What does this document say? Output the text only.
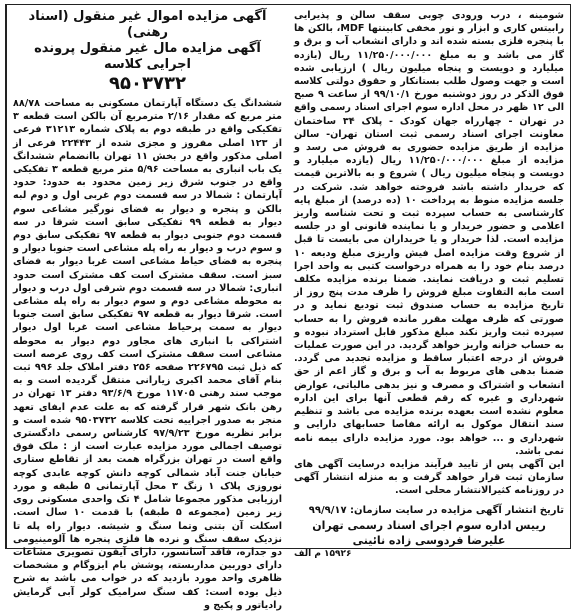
آگهی مزایده اموال غیر منقول (اسناد رهنی)

آگهی مزایده مال غیر منقول پرونده اجرایی کلاسه

۹۵۰۳۷۳۲

ششدانگ یک دستگاه آپارتمان مسکونی به مساحت ۸۸/۷۸ متر مربع که مقدار ۲/۱۶ مترمربع آن بالکن است قطعه ۳ تفکیکی واقع در طبقه دوم به پلاک شماره ۳۱۲۱۳ فرعی از ۱۲۳ اصلی مفروز و مجزی شده از ۲۲۴۴۳ فرعی از اصلی مذکور واقع در بخش ۱۱ تهران باانضمام ششدانگ یک باب انباری به مساحت ۵/۹۶ متر مربع قطعه ۳ تفکیکی واقع در جنوب شرق زیر زمین محدود به حدود: حدود آپارتمان : شمالا در سه قسمت دوم غربی اول و دوم لبه بالکن و پنجره و دیوار به فضای نورگیر مشاعی سوم دیوار به قطعه ۹۹ تفکیکی سابق است شرقا در سه قسمت دوم جنوبی دیوار به قطعه ۹۷ تفکیکی سابق دوم و سوم درب و دیوار به راه پله مشاعی است جنوبا دیوار و پنجره به فضای حیاط مشاعی است غربا دیوار به فضای سبز است. سقف مشترک است کف مشترک است حدود انباری: شمالا در سه قسمت دوم شرقی اول درب و دیوار به محوطه مشاعی دوم و سوم دیوار به راه پله مشاعی است. شرقا دیوار به قطعه ۹۷ تفکیکی سابق است جنوبا دیوار به سمت پرحیاط مشاعی است غربا اول دیوار اشتراکی با انباری های مجاور دوم دیوار به محوطه مشاعی است سقف مشترک است کف روی عرصه است که ذیل ثبت ۲۲۶۷۹۵ صفحه ۲۵۶ دفتر املاک جلد ۹۹۶ ثبت بنام آقای محمد اکبری زیارانی منتقل گردیده است و به موجب سند رهنی ۱۱۷۰۵ مورخ ۹۳/۶/۹ دفتر ۱۳ تهران در رهن بانک شهر قرار گرفته که به علت عدم ایفای تعهد منجر به صدور اجراییه تحت کلاسه ۹۵۰۳۷۳۲ شده است و برابر نظریه مورخ ۹۷/۹/۲۳ کارشناس رسمی دادگستری توصیف اجمالی مورد مزایده عبارت است از : ملک فوق واقع است در تهران بزرگراه همت بعد از تقاطع ستاری خیابان جنت آباد شمالی کوچه دانش کوچه عابدی کوچه نوروزی پلاک ۱ زنگ ۳ محل آپارتمانی ۵ طبقه و مورد ارزیابی مذکور مجموعا شامل ۴ تک واحدی مسکونی روی زیر زمین (مجموعه ۵ طبقه) با قدمت ۱۰ سال است. اسکلت آن بتنی وتما سنگ و شیشه. دیوار راه پله تا نزدیک سقف سنگ و نرده ها فلزی پنجره ها آلومینیومی دو جداره، فاقد آسانسور، دارای آیفون تصویری مشاعات دارای دوربین مداربسته، پوشش بام ایزوگام و مشخصات ظاهری واحد مورد بازدید که در خواب می باشد به شرح ذیل بوده است: کف سنگ سرامیک کولر آبی گرمایش رادیاتور و پکیج و

شومینه ، درب ورودی چوبی سقف سالن و پذیرایی رابیتس کاری و ابزار و نور مخفی کابینتها MDF، بالکن ها با پنجره فلزی بسته شده اند و دارای انشعاب آب و برق و گاز می باشد و به مبلغ ۱۱/۲۵۰/۰۰۰/۰۰۰ ریال (یازده میلیارد و دویست و پنجاه میلیون ریال ) ارزیابی شده است و جهت وصول طلب بستانکار و حقوق دولتی کلاسه فوق الذکر در روز دوشنبه مورخ ۹۹/۱۰/۱ از ساعت ۹ صبح الی ۱۲ ظهر در محل اداره سوم اجرای اسناد رسمی واقع در تهران - چهارراه جهان کودک - پلاک ۳۴ ساختمان معاونت اجرای اسناد رسمی ثبت استان تهران- سالن مزایده از طریق مزایده حضوری به فروش می رسد و مزایده از مبلغ ۱۱/۲۵۰/۰۰۰/۰۰۰ ریال (یازده میلیارد و دویست و پنجاه میلیون ریال ) شروع و به بالاترین قیمت که خریدار داشته باشد فروخته خواهد شد. شرکت در جلسه مزایده منوط به پرداخت ۱۰ (ده درصد) از مبلغ پایه کارشناسی به حساب سپرده ثبت و تحت شناسه واریز اعلامی و حضور خریدار و یا نماینده قانونی او در جلسه مزایده است. لذا خریدار و یا خریداران می بایست تا قبل از شروع وقت مزایده اصل فیش واریزی مبلغ ودیعه ۱۰ درصد بنام خود را به همراه درخواست کتبی به واحد اجرا تسلیم ثبت و دریافت نمایند. ضمنا برنده مزایده مکلف است مابه التفاوت مبلغ فروش را ظرف مدت پنج روز از تاریخ مزایده به حساب صندوق ثبت تودیع نماید و در صورتی که ظرف مهلت مقرر مانده فروش را به حساب سپرده ثبت واریز نکند مبلغ مذکور قابل استرداد نبوده و به حساب خزانه واریز خواهد گردید. در این صورت عملیات فروش از درجه اعتبار ساقط و مزایده تجدید می گردد. ضمنا بدهی های مربوط به آب و برق و گاز اعم از حق انشعاب و اشتراک و مصرف و نیز بدهی مالیاتی، عوارض شهرداری و غیره که رقم قطعی آنها برای این اداره معلوم نشده است بعهده برنده مزایده می باشد و تنظیم سند انتقال موکول به ارائه مفاصا حسابهای دارایی و شهرداری و ... خواهد بود. مورد مزایده دارای بیمه نامه نمی باشد.
این آگهی پس از تایید فرآیند مزایده درسایت آگهی های سازمان ثبت قرار خواهد گرفت و به منزله انتشار آگهی در روزنامه کثیرالانتشار محلی است.

تاریخ انتشار آگهی مزایده در سایت سازمان: ۹۹/۹/۱۷

رییس اداره سوم اجرای اسناد رسمی تهران

علیرضا فردوسی زاده نائینی

۱۵۹۲۶ م الف
